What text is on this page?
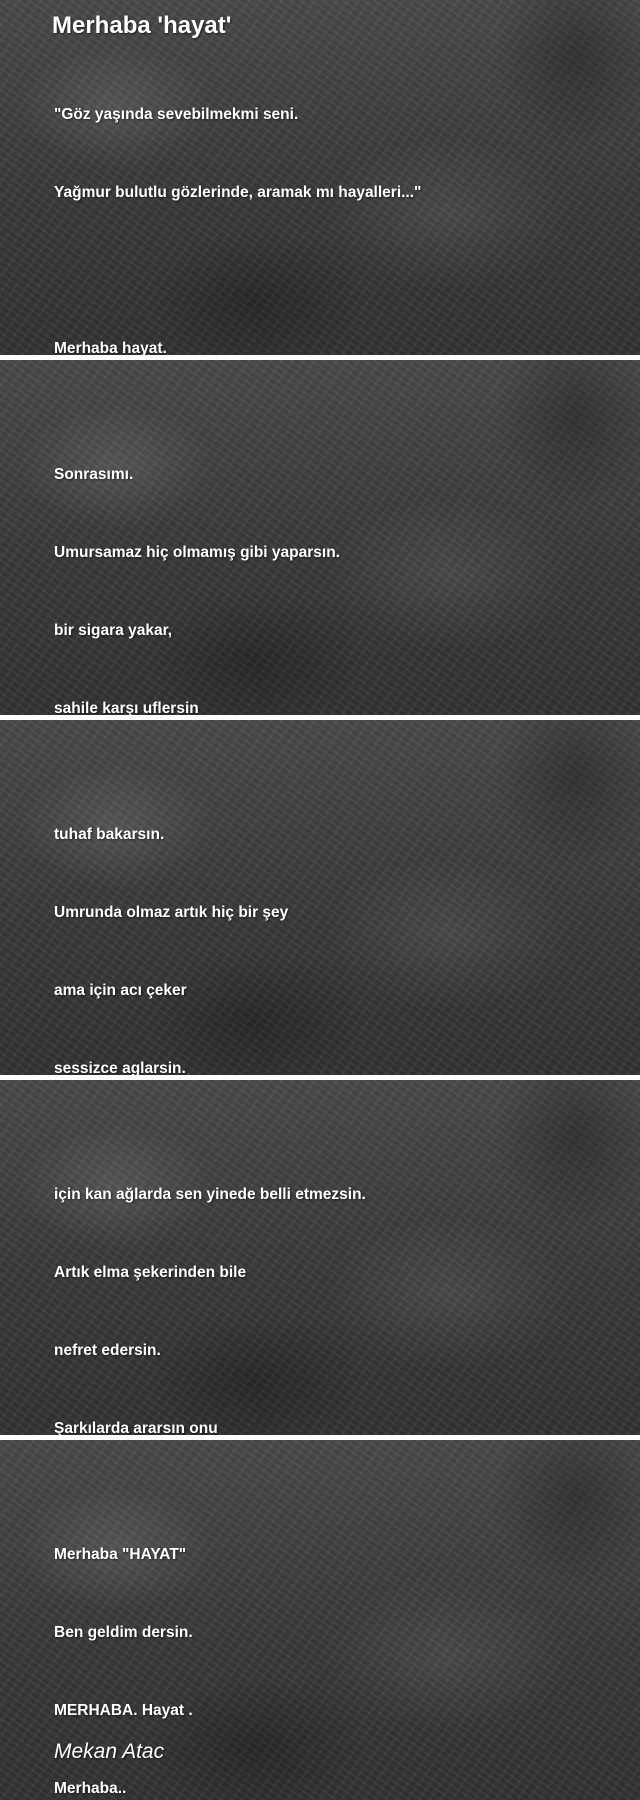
Merhaba 'hayat'

"Göz yaşında sevebilmekmi seni.

Yağmur bulutlu gözlerinde, aramak mı hayalleri..."

Merhaba hayat.

Sonrasımı.

Umursamaz hiç olmamış gibi yaparsın.

bir sigara yakar,

sahile karşı uflersin

tuhaf bakarsın.

Umrunda olmaz artık hiç bir şey

ama için acı çeker

sessizce aglarsin.

için kan ağlarda sen yinede belli etmezsin.

Artık elma şekerinden bile

nefret edersin.

Şarkılarda ararsın onu

Merhaba "HAYAT"

Ben geldim dersin.

MERHABA. Hayat .

Merhaba..

Mekan Atac
